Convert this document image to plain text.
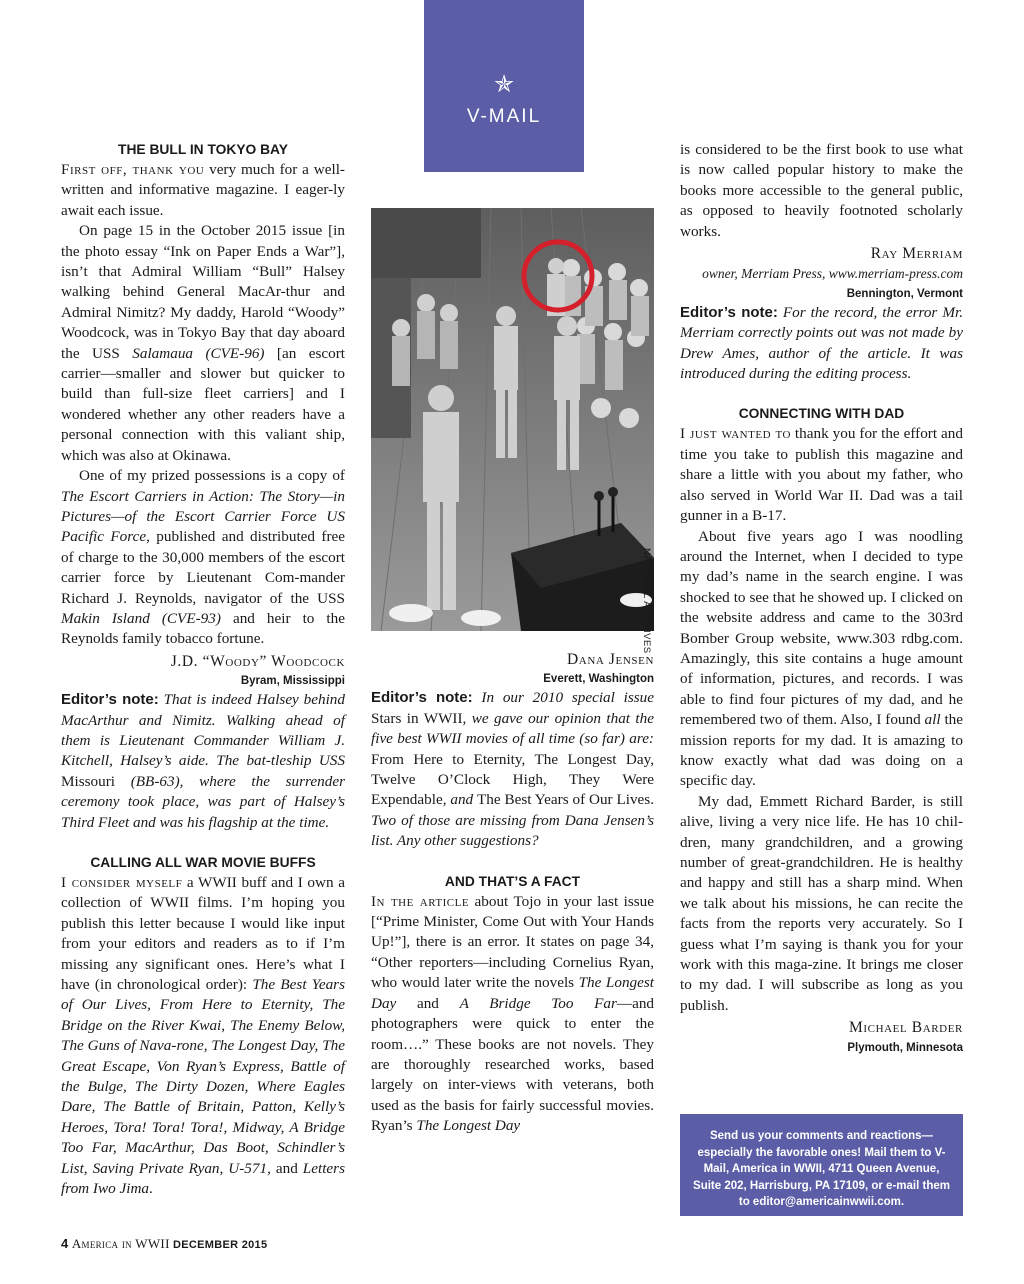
✯
V-MAIL
THE BULL IN TOKYO BAY

First off, thank you very much for a well-written and informative magazine. I eager-ly await each issue.

On page 15 in the October 2015 issue [in the photo essay “Ink on Paper Ends a War”], isn’t that Admiral William “Bull” Halsey walking behind General MacAr-thur and Admiral Nimitz? My daddy, Harold “Woody” Woodcock, was in Tokyo Bay that day aboard the USS Salamaua (CVE-96) [an escort carrier—smaller and slower but quicker to build than full-size fleet carriers] and I wondered whether any other readers have a personal connection with this valiant ship, which was also at Okinawa.

One of my prized possessions is a copy of The Escort Carriers in Action: The Story—in Pictures—of the Escort Carrier Force US Pacific Force, published and distributed free of charge to the 30,000 members of the escort carrier force by Lieutenant Com-mander Richard J. Reynolds, navigator of the USS Makin Island (CVE-93) and heir to the Reynolds family tobacco fortune.

J.D. “Woody” Woodcock
Byram, Mississippi

Editor’s note: That is indeed Halsey behind MacArthur and Nimitz. Walking ahead of them is Lieutenant Commander William J. Kitchell, Halsey’s aide. The bat-tleship USS Missouri (BB-63), where the surrender ceremony took place, was part of Halsey’s Third Fleet and was his flagship at the time.

CALLING ALL WAR MOVIE BUFFS

I consider myself a WWII buff and I own a collection of WWII films. I’m hoping you publish this letter because I would like input from your editors and readers as to if I’m missing any significant ones. Here’s what I have (in chronological order): The Best Years of Our Lives, From Here to Eternity, The Bridge on the River Kwai, The Enemy Below, The Guns of Nava-rone, The Longest Day, The Great Escape, Von Ryan’s Express, Battle of the Bulge, The Dirty Dozen, Where Eagles Dare, The Battle of Britain, Patton, Kelly’s Heroes, Tora! Tora! Tora!, Midway, A Bridge Too Far, MacArthur, Das Boot, Schindler’s List, Saving Private Ryan, U-571, and Letters from Iwo Jima.

NATIONAL ARCHIVES
Dana Jensen
Everett, Washington

Editor’s note: In our 2010 special issue Stars in WWII, we gave our opinion that the five best WWII movies of all time (so far) are: From Here to Eternity, The Longest Day, Twelve O’Clock High, They Were Expendable, and The Best Years of Our Lives. Two of those are missing from Dana Jensen’s list. Any other suggestions?

AND THAT’S A FACT

In the article about Tojo in your last issue [“Prime Minister, Come Out with Your Hands Up!”], there is an error. It states on page 34, “Other reporters—including Cornelius Ryan, who would later write the novels The Longest Day and A Bridge Too Far—and photographers were quick to enter the room….” These books are not novels. They are thoroughly researched works, based largely on inter-views with veterans, both used as the basis for fairly successful movies. Ryan’s The Longest Day

is considered to be the first book to use what is now called popular history to make the books more accessible to the general public, as opposed to heavily footnoted scholarly works.

Ray Merriam
owner, Merriam Press, www.merriam-press.com
Bennington, Vermont

Editor’s note: For the record, the error Mr. Merriam correctly points out was not made by Drew Ames, author of the article. It was introduced during the editing process.

CONNECTING WITH DAD

I just wanted to thank you for the effort and time you take to publish this magazine and share a little with you about my father, who also served in World War II. Dad was a tail gunner in a B-17.

About five years ago I was noodling around the Internet, when I decided to type my dad’s name in the search engine. I was shocked to see that he showed up. I clicked on the website address and came to the 303rd Bomber Group website, www.303 rdbg.com. Amazingly, this site contains a huge amount of information, pictures, and records. I was able to find four pictures of my dad, and he remembered two of them. Also, I found all the mission reports for my dad. It is amazing to know exactly what dad was doing on a specific day.

My dad, Emmett Richard Barder, is still alive, living a very nice life. He has 10 chil-dren, many grandchildren, and a growing number of great-grandchildren. He is healthy and happy and still has a sharp mind. When we talk about his missions, he can recite the facts from the reports very accurately. So I guess what I’m saying is thank you for your work with this maga-zine. It brings me closer to my dad. I will subscribe as long as you publish.

Michael Barder
Plymouth, Minnesota
Send us your comments and reactions—especially the favorable ones! Mail them to V-Mail, America in WWII, 4711 Queen Avenue, Suite 202, Harrisburg, PA 17109, or e-mail them to editor@americainwwii.com.
4 America in WWII DECEMBER 2015
